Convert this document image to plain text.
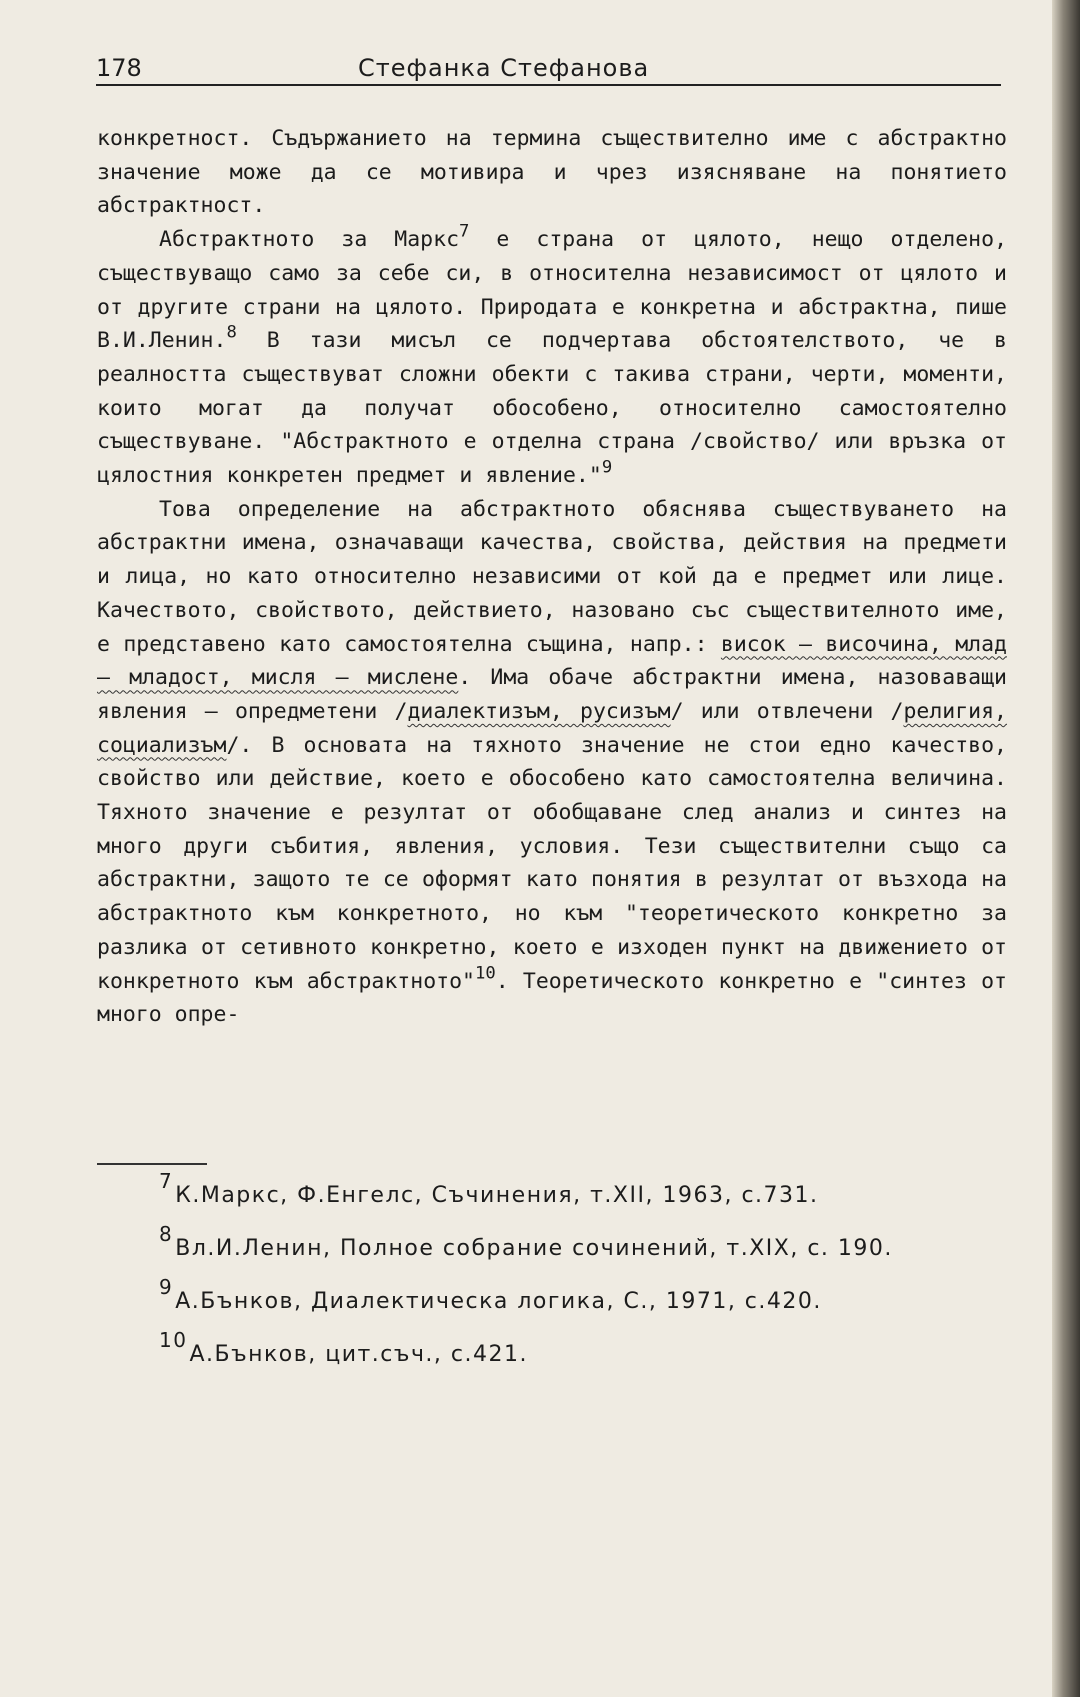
178	Стефанка Стефанова

конкретност. Съдържанието на термина съществително име с абстрактно значение може да се мотивира и чрез изясняване на понятието абстрактност.

Абстрактното за Маркс$^7$ е страна от цялото, нещо отделено, съществуващо само за себе си, в относителна независимост от цялото и от другите страни на цялото. Природата е конкретна и абстрактна, пише В.И.Ленин.$^8$ В тази мисъл се подчертава обстоятелството, че в реалността съществуват сложни обекти с такива страни, черти, моменти, които могат да получат обособено, относително самостоятелно съществуване. "Абстрактното е отделна страна /свойство/ или връзка от цялостния конкретен предмет и явление."$^9$

Това определение на абстрактното обяснява съществуването на абстрактни имена, означаващи качества, свойства, действия на предмети и лица, но като относително независими от кой да е предмет или лице. Качеството, свойството, действието, назовано със съществителното име, е представено като самостоятелна същина, напр.: висок – височина, млад – младост, мисля – мислене. Има обаче абстрактни имена, назоваващи явления – опредметени /диалектизъм, русизъм/ или отвлечени /религия, социализъм/. В основата на тяхното значение не стои едно качество, свойство или действие, което е обособено като самостоятелна величина. Тяхното значение е резултат от обобщаване след анализ и синтез на много други събития, явления, условия. Тези съществителни също са абстрактни, защото те се оформят като понятия в резултат от възхода на абстрактното към конкретното, но към "теоретическото конкретно за разлика от сетивното конкретно, което е изходен пункт на движението от конкретното към абстрактното"$^{10}$. Теоретическото конкретно е "синтез от много опре-

7К.Маркс, Ф.Енгелс, Съчинения, т.XII, 1963, с.731.

8Вл.И.Ленин, Полное собрание сочинений, т.XIX, с. 190.

9А.Бънков, Диалектическа логика, С., 1971, с.420.

10А.Бънков, цит.съч., с.421.
